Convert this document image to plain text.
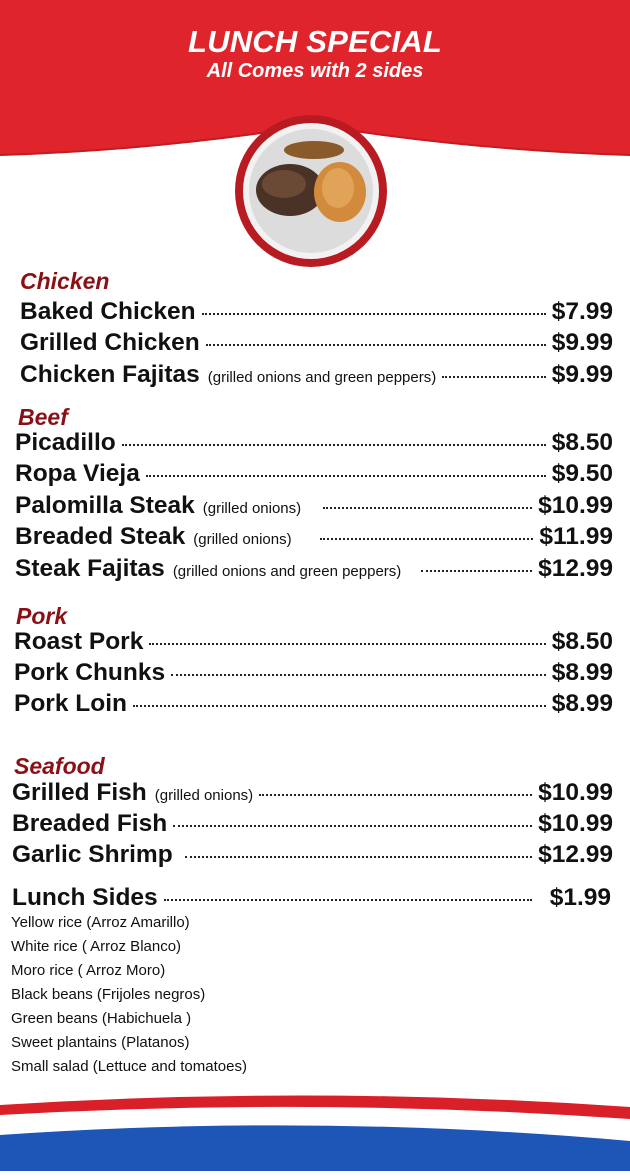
LUNCH SPECIAL
All Comes with 2 sides
Chicken
Baked Chicken	$7.99
Grilled Chicken	$9.99
Chicken Fajitas (grilled onions and green peppers)	$9.99
Beef
Picadillo	$8.50
Ropa Vieja	$9.50
Palomilla Steak (grilled onions)	$10.99
Breaded Steak (grilled onions)	$11.99
Steak Fajitas (grilled onions and green peppers)	$12.99
Pork
Roast Pork	$8.50
Pork Chunks	$8.99
Pork Loin	$8.99
Seafood
Grilled Fish (grilled onions)	$10.99
Breaded Fish	$10.99
Garlic Shrimp	$12.99
Lunch Sides	$1.99
Yellow rice (Arroz Amarillo)
White rice ( Arroz Blanco)
Moro rice ( Arroz Moro)
Black beans (Frijoles negros)
Green beans (Habichuela )
Sweet plantains (Platanos)
Small salad (Lettuce and tomatoes)
